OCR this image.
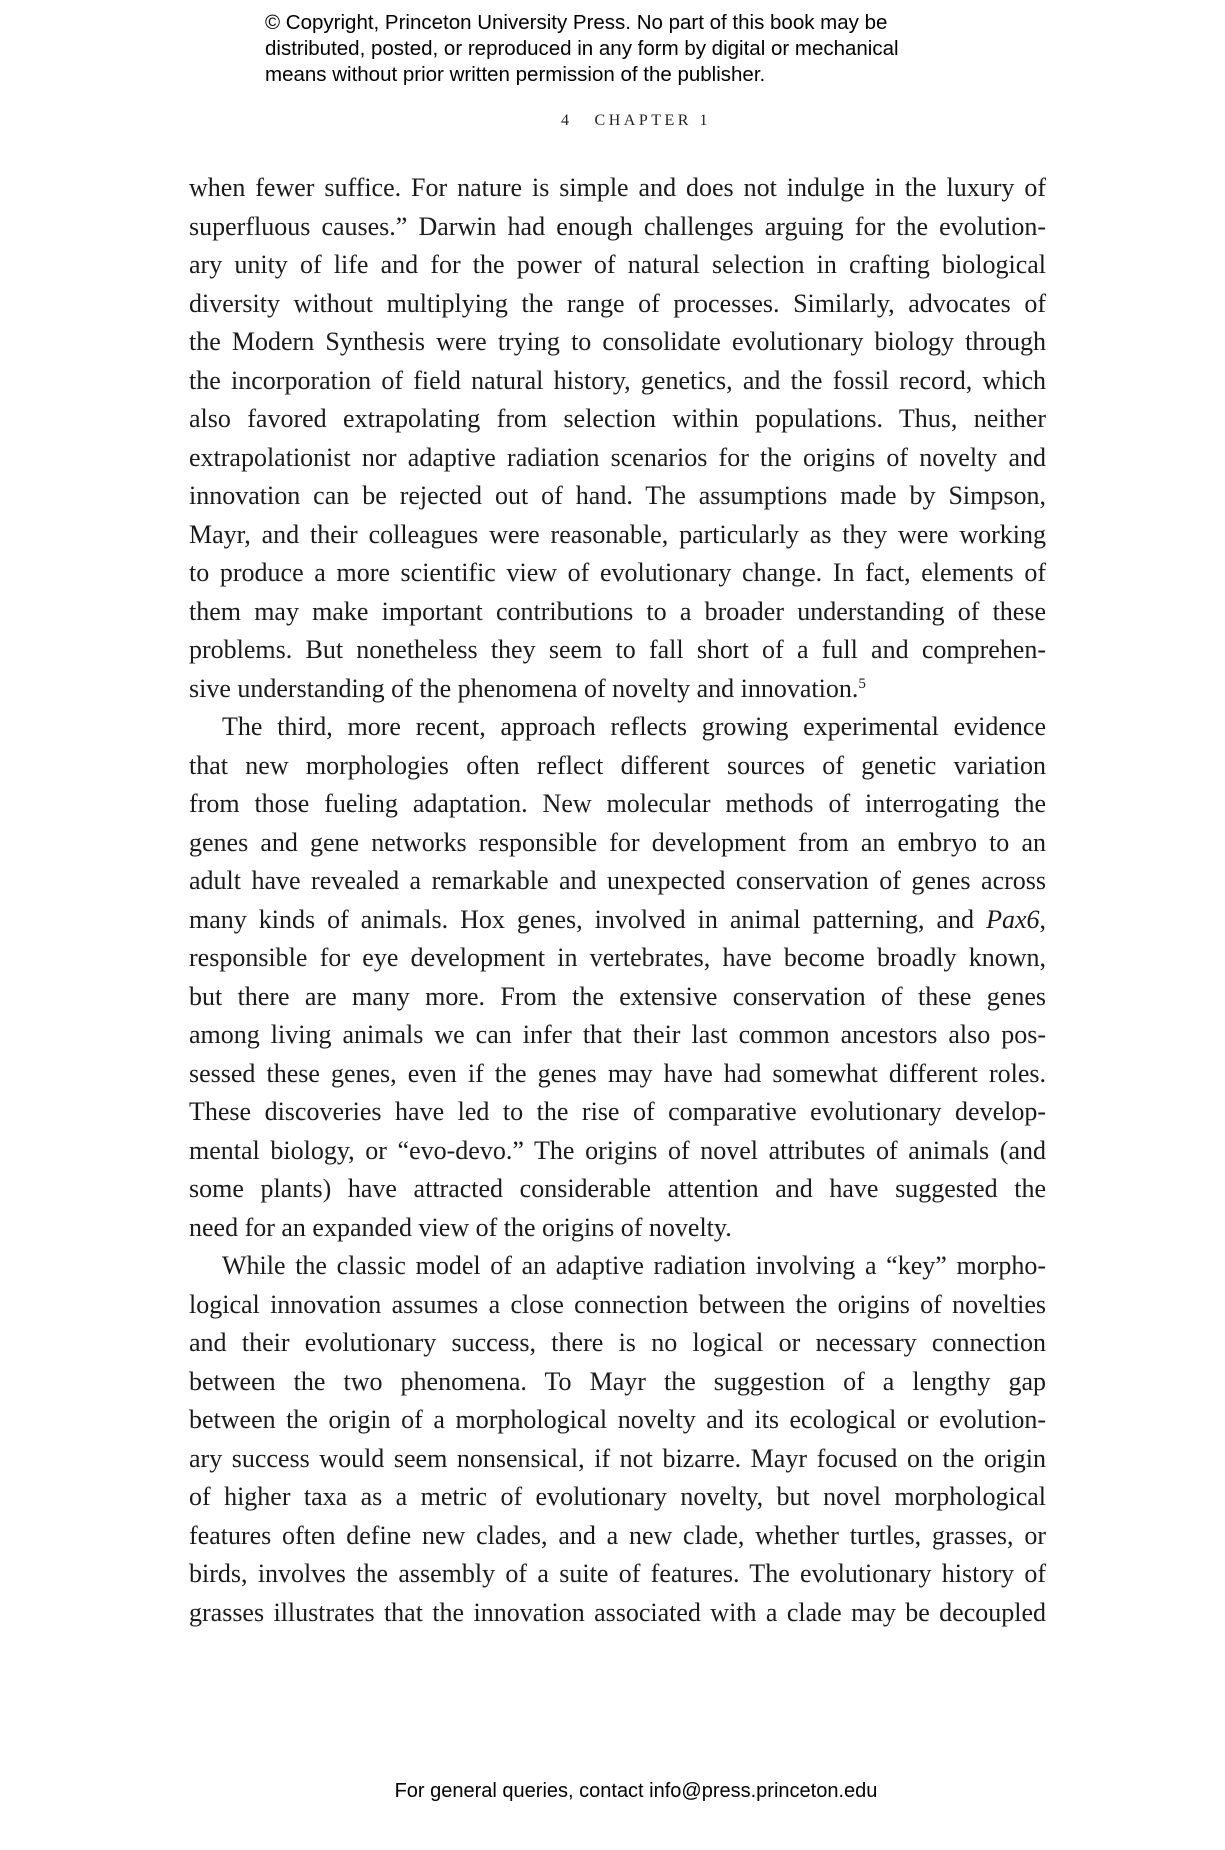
© Copyright, Princeton University Press. No part of this book may be
distributed, posted, or reproduced in any form by digital or mechanical
means without prior written permission of the publisher.
4 CHAPTER 1
when fewer suffice. For nature is simple and does not indulge in the luxury of
superfluous causes.” Darwin had enough challenges arguing for the evolution-
ary unity of life and for the power of natural selection in crafting biological
diversity without multiplying the range of processes. Similarly, advocates of
the Modern Synthesis were trying to consolidate evolutionary biology through
the incorporation of field natural history, genetics, and the fossil record, which
also favored extrapolating from selection within populations. Thus, neither
extrapolationist nor adaptive radiation scenarios for the origins of novelty and
innovation can be rejected out of hand. The assumptions made by Simpson,
Mayr, and their colleagues were reasonable, particularly as they were working
to produce a more scientific view of evolutionary change. In fact, elements of
them may make important contributions to a broader understanding of these
problems. But nonetheless they seem to fall short of a full and comprehen-
sive understanding of the phenomena of novelty and innovation.$^5$
The third, more recent, approach reflects growing experimental evidence
that new morphologies often reflect different sources of genetic variation
from those fueling adaptation. New molecular methods of interrogating the
genes and gene networks responsible for development from an embryo to an
adult have revealed a remarkable and unexpected conservation of genes across
many kinds of animals. Hox genes, involved in animal patterning, and Pax6,
responsible for eye development in vertebrates, have become broadly known,
but there are many more. From the extensive conservation of these genes
among living animals we can infer that their last common ancestors also pos-
sessed these genes, even if the genes may have had somewhat different roles.
These discoveries have led to the rise of comparative evolutionary develop-
mental biology, or “evo-devo.” The origins of novel attributes of animals (and
some plants) have attracted considerable attention and have suggested the
need for an expanded view of the origins of novelty.
While the classic model of an adaptive radiation involving a “key” morpho-
logical innovation assumes a close connection between the origins of novelties
and their evolutionary success, there is no logical or necessary connection
between the two phenomena. To Mayr the suggestion of a lengthy gap
between the origin of a morphological novelty and its ecological or evolution-
ary success would seem nonsensical, if not bizarre. Mayr focused on the origin
of higher taxa as a metric of evolutionary novelty, but novel morphological
features often define new clades, and a new clade, whether turtles, grasses, or
birds, involves the assembly of a suite of features. The evolutionary history of
grasses illustrates that the innovation associated with a clade may be decoupled
For general queries, contact info@press.princeton.edu
